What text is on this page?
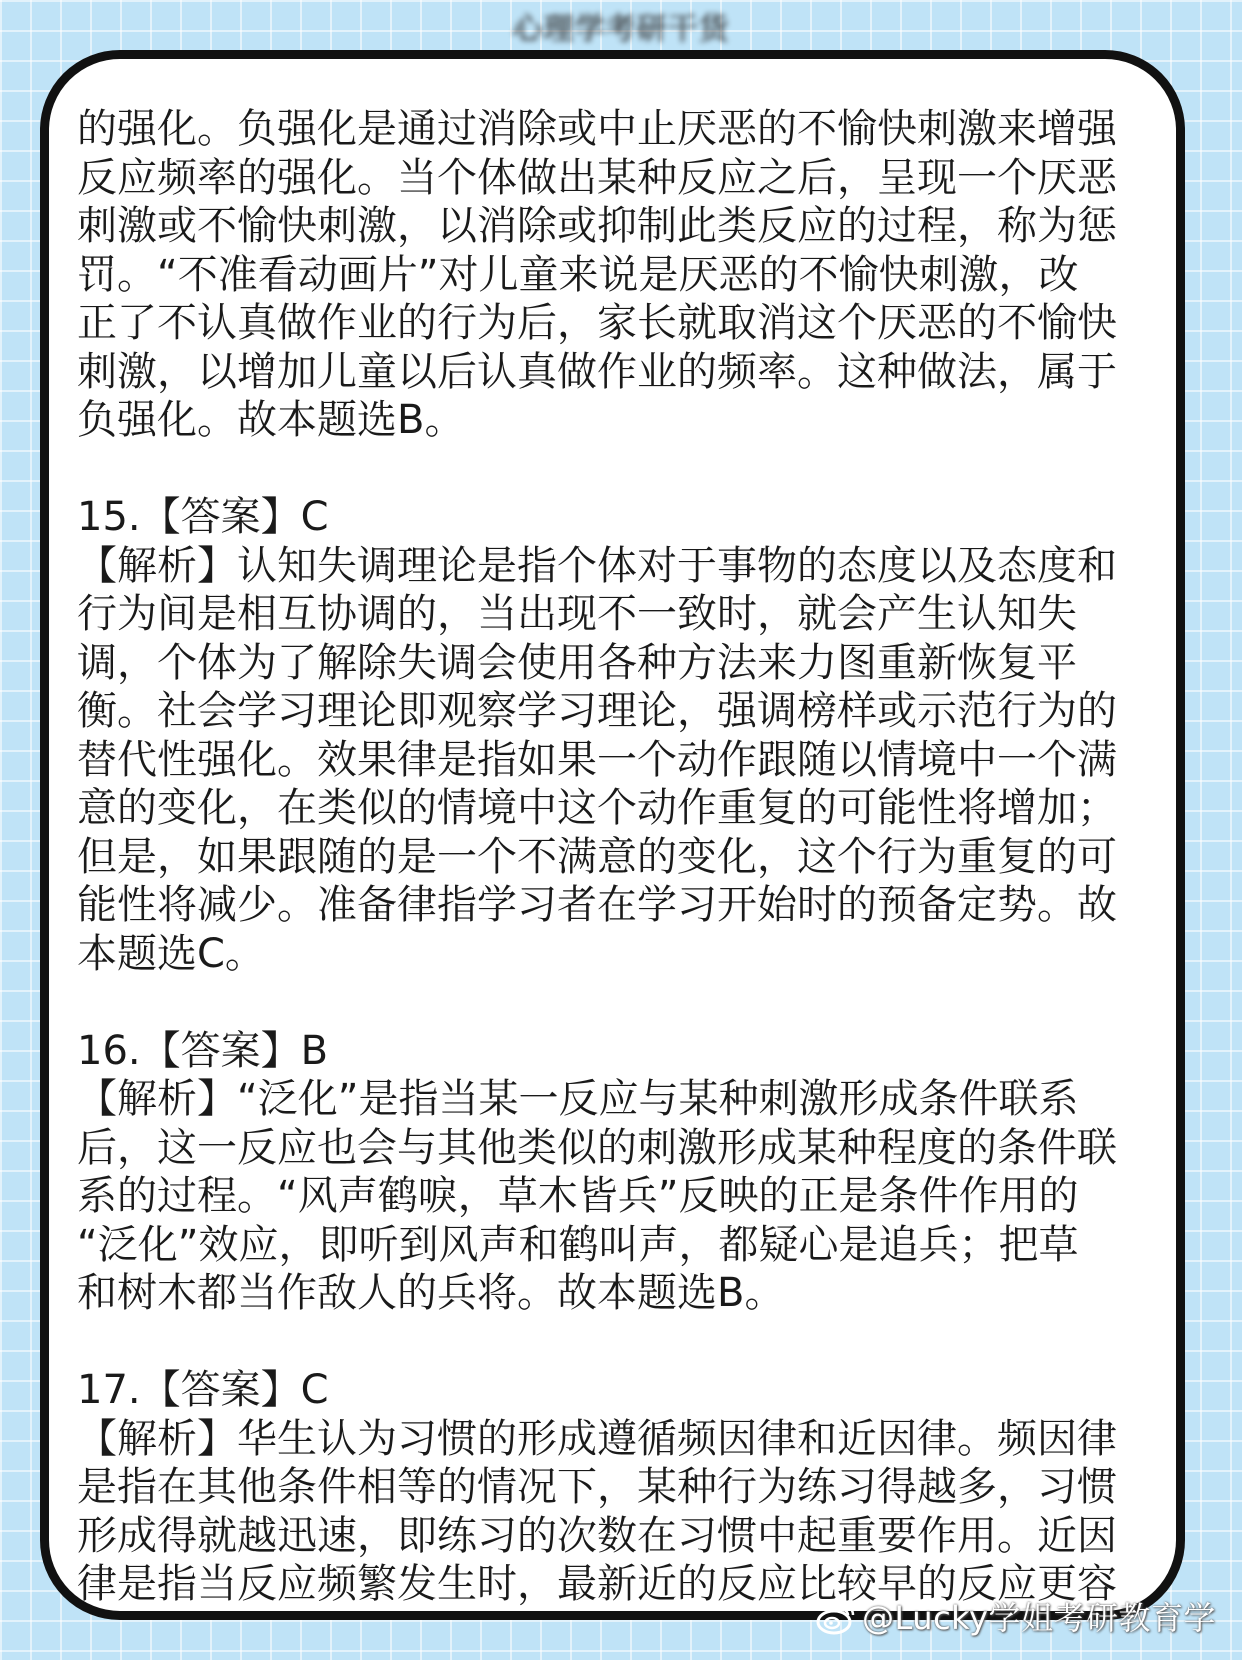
心理学考研干货

的强化。负强化是通过消除或中止厌恶的不愉快刺激来增强

反应频率的强化。当个体做出某种反应之后，呈现一个厌恶

刺激或不愉快刺激，以消除或抑制此类反应的过程，称为惩

罚。“不准看动画片”对儿童来说是厌恶的不愉快刺激，改

正了不认真做作业的行为后，家长就取消这个厌恶的不愉快

刺激，以增加儿童以后认真做作业的频率。这种做法，属于

负强化。故本题选B。

15.【答案】C

【解析】认知失调理论是指个体对于事物的态度以及态度和

行为间是相互协调的，当出现不一致时，就会产生认知失

调，个体为了解除失调会使用各种方法来力图重新恢复平

衡。社会学习理论即观察学习理论，强调榜样或示范行为的

替代性强化。效果律是指如果一个动作跟随以情境中一个满

意的变化，在类似的情境中这个动作重复的可能性将增加；

但是，如果跟随的是一个不满意的变化，这个行为重复的可

能性将减少。准备律指学习者在学习开始时的预备定势。故

本题选C。

16.【答案】B

【解析】“泛化”是指当某一反应与某种刺激形成条件联系

后，这一反应也会与其他类似的刺激形成某种程度的条件联

系的过程。“风声鹤唳，草木皆兵”反映的正是条件作用的

“泛化”效应，即听到风声和鹤叫声，都疑心是追兵；把草

和树木都当作敌人的兵将。故本题选B。

17.【答案】C

【解析】华生认为习惯的形成遵循频因律和近因律。频因律

是指在其他条件相等的情况下，某种行为练习得越多，习惯

形成得就越迅速，即练习的次数在习惯中起重要作用。近因

律是指当反应频繁发生时，最新近的反应比较早的反应更容

@Lucky学姐考研教育学
